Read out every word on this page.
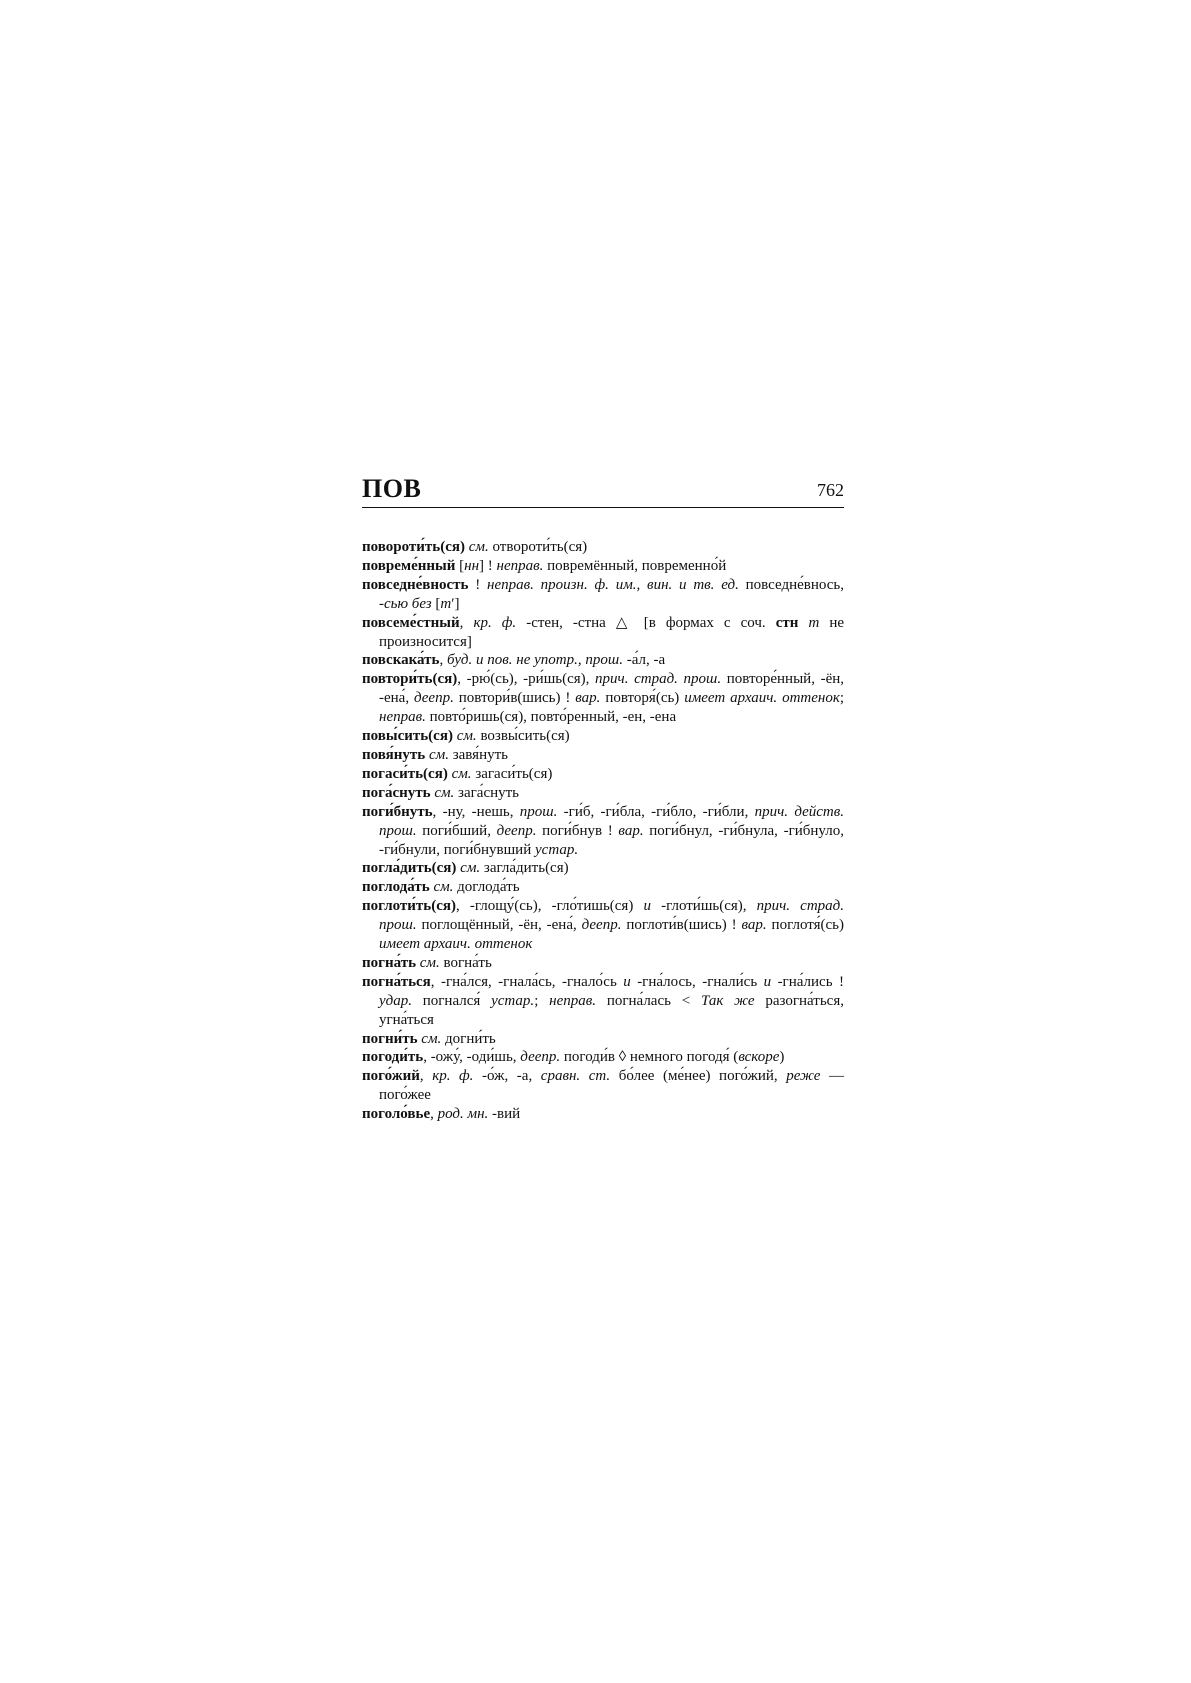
ПОВ	762

повороти́ть(ся) см. отвороти́ть(ся)

повреме́нный [нн] ! неправ. повремённый, повременно́й

повседне́вность ! неправ. произн. ф. им., вин. и тв. ед. повседне́внось, -сью без [тʹ]

повсеме́стный, кр. ф. -стен, -стна △ [в формах с соч. стн т не произносится]

повскака́ть, буд. и пов. не употр., прош. -а́л, -а

повтори́ть(ся), -рю́(сь), -ри́шь(ся), прич. страд. прош. повторе́нный, -ён, -ена́, деепр. повтори́в(шись) ! вар. повторя́(сь) имеет архаич. оттенок; неправ. повто́ришь(ся), повто́ренный, -ен, -ена

повы́сить(ся) см. возвы́сить(ся)

повя́нуть см. завя́нуть

погаси́ть(ся) см. загаси́ть(ся)

пога́снуть см. зага́снуть

поги́бнуть, -ну, -нешь, прош. -ги́б, -ги́бла, -ги́бло, -ги́бли, прич. действ. прош. поги́бший, деепр. поги́бнув ! вар. поги́бнул, -ги́бнула, -ги́бнуло, -ги́бнули, поги́бнувший устар.

погла́дить(ся) см. загла́дить(ся)

поглода́ть см. доглода́ть

поглоти́ть(ся), -глощу́(сь), -гло́тишь(ся) и -глоти́шь(ся), прич. страд. прош. поглощённый, -ён, -ена́, деепр. поглоти́в(шись) ! вар. поглотя́(сь) имеет архаич. оттенок

погна́ть см. вогна́ть

погна́ться, -гна́лся, -гнала́сь, -гнало́сь и -гна́лось, -гнали́сь и -гна́лись ! удар. погнался́ устар.; неправ. погна́лась < Так же разогна́ться, угна́ться

погни́ть см. догни́ть

погоди́ть, -ожу́, -оди́шь, деепр. погоди́в ◊ немного погодя́ (вскоре)

пого́жий, кр. ф. -о́ж, -а, сравн. ст. бо́лее (ме́нее) пого́жий, реже — пого́жее

поголо́вье, род. мн. -вий
